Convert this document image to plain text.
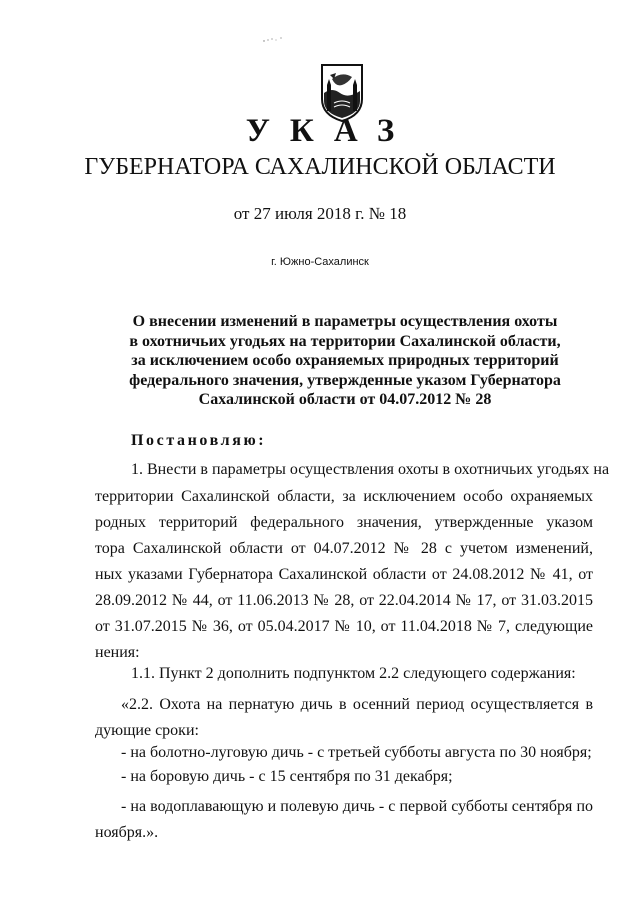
УКАЗ
ГУБЕРНАТОРА САХАЛИНСКОЙ ОБЛАСТИ
от 27 июля 2018 г. № 18
г. Южно-Сахалинск
О внесении изменений в параметры осуществления охоты
в охотничьих угодьях на территории Сахалинской области,
за исключением особо охраняемых природных территорий
федерального значения, утвержденные указом Губернатора
Сахалинской области от 04.07.2012 № 28
Постановляю:
1. Внести в параметры осуществления охоты в охотничьих угодьях на
территории Сахалинской области, за исключением особо охраняемых
родных территорий федерального значения, утвержденные указом
тора Сахалинской области от 04.07.2012 № 28 с учетом изменений,
ных указами Губернатора Сахалинской области от 24.08.2012 № 41, от
28.09.2012 № 44, от 11.06.2013 № 28, от 22.04.2014 № 17, от 31.03.2015
от 31.07.2015 № 36, от 05.04.2017 № 10, от 11.04.2018 № 7, следующие
нения:
1.1. Пункт 2 дополнить подпунктом 2.2 следующего содержания:
«2.2. Охота на пернатую дичь в осенний период осуществляется в
дующие сроки:
- на болотно-луговую дичь - с третьей субботы августа по 30 ноября;
- на боровую дичь - с 15 сентября по 31 декабря;
- на водоплавающую и полевую дичь - с первой субботы сентября по
ноября.».
